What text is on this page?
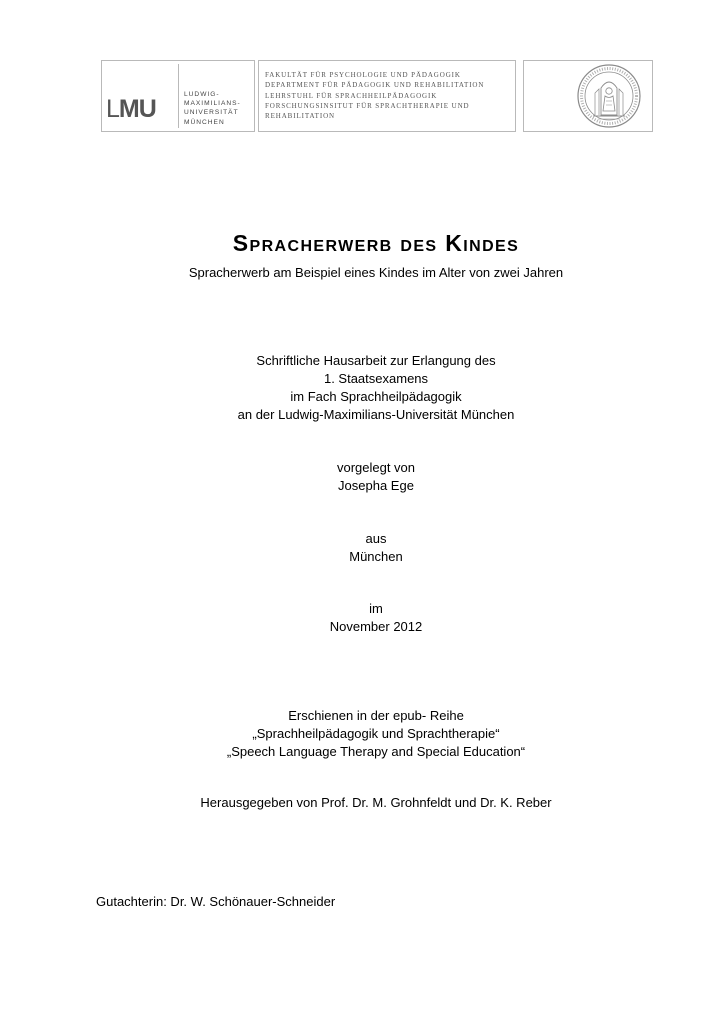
LMU
LUDWIG-
MAXIMILIANS-
UNIVERSITÄT
MÜNCHEN
FAKULTÄT FÜR PSYCHOLOGIE UND PÄDAGOGIK
DEPARTMENT FÜR PÄDAGOGIK UND REHABILITATION
LEHRSTUHL FÜR SPRACHHEILPÄDAGOGIK
FORSCHUNGSINSITUT FÜR SPRACHTHERAPIE UND
REHABILITATION
Spracherwerb des Kindes
Spracherwerb am Beispiel eines Kindes im Alter von zwei Jahren
Schriftliche Hausarbeit zur Erlangung des
1. Staatsexamens
im Fach Sprachheilpädagogik
an der Ludwig-Maximilians-Universität München
vorgelegt von
Josepha Ege
aus
München
im
November 2012
Erschienen in der epub- Reihe
„Sprachheilpädagogik und Sprachtherapie“
„Speech Language Therapy and Special Education“
Herausgegeben von Prof. Dr. M. Grohnfeldt und Dr. K. Reber
Gutachterin: Dr. W. Schönauer-Schneider
